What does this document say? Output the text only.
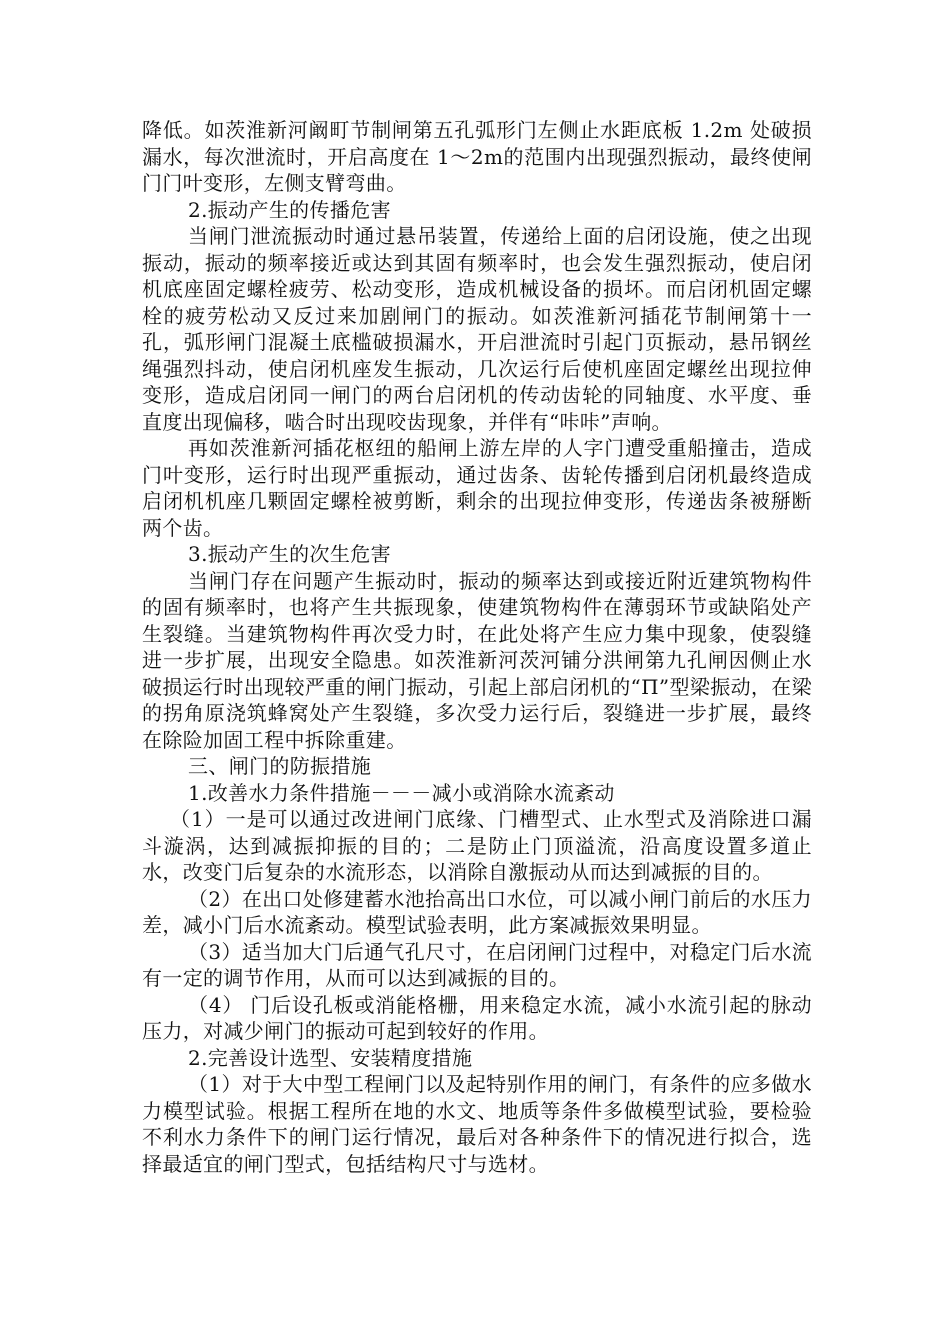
降低。如茨淮新河阚町节制闸第五孔弧形门左侧止水距底板 1.2m 处破损漏水，每次泄流时，开启高度在 1～2m的范围内出现强烈振动，最终使闸门门叶变形，左侧支臂弯曲。

2.振动产生的传播危害

当闸门泄流振动时通过悬吊装置，传递给上面的启闭设施，使之出现振动，振动的频率接近或达到其固有频率时，也会发生强烈振动，使启闭机底座固定螺栓疲劳、松动变形，造成机械设备的损坏。而启闭机固定螺栓的疲劳松动又反过来加剧闸门的振动。如茨淮新河插花节制闸第十一孔，弧形闸门混凝土底槛破损漏水，开启泄流时引起门页振动，悬吊钢丝绳强烈抖动，使启闭机座发生振动，几次运行后使机座固定螺丝出现拉伸变形，造成启闭同一闸门的两台启闭机的传动齿轮的同轴度、水平度、垂直度出现偏移，啮合时出现咬齿现象，并伴有“咔咔”声响。

再如茨淮新河插花枢纽的船闸上游左岸的人字门遭受重船撞击，造成门叶变形，运行时出现严重振动，通过齿条、齿轮传播到启闭机最终造成启闭机机座几颗固定螺栓被剪断，剩余的出现拉伸变形，传递齿条被掰断两个齿。

3.振动产生的次生危害

当闸门存在问题产生振动时，振动的频率达到或接近附近建筑物构件的固有频率时，也将产生共振现象，使建筑物构件在薄弱环节或缺陷处产生裂缝。当建筑物构件再次受力时，在此处将产生应力集中现象，使裂缝进一步扩展，出现安全隐患。如茨淮新河茨河铺分洪闸第九孔闸因侧止水破损运行时出现较严重的闸门振动，引起上部启闭机的“Π”型梁振动，在梁的拐角原浇筑蜂窝处产生裂缝，多次受力运行后，裂缝进一步扩展，最终在除险加固工程中拆除重建。

三、闸门的防振措施

1.改善水力条件措施－－－减小或消除水流紊动

（1）一是可以通过改进闸门底缘、门槽型式、止水型式及消除进口漏斗漩涡，达到减振抑振的目的；二是防止门顶溢流，沿高度设置多道止水，改变门后复杂的水流形态，以消除自激振动从而达到减振的目的。

（2）在出口处修建蓄水池抬高出口水位，可以减小闸门前后的水压力差，减小门后水流紊动。模型试验表明，此方案减振效果明显。

（3）适当加大门后通气孔尺寸，在启闭闸门过程中，对稳定门后水流有一定的调节作用，从而可以达到减振的目的。

（4） 门后设孔板或消能格栅，用来稳定水流，减小水流引起的脉动压力，对减少闸门的振动可起到较好的作用。

2.完善设计选型、安装精度措施

（1）对于大中型工程闸门以及起特别作用的闸门，有条件的应多做水力模型试验。根据工程所在地的水文、地质等条件多做模型试验，要检验不利水力条件下的闸门运行情况，最后对各种条件下的情况进行拟合，选择最适宜的闸门型式，包括结构尺寸与选材。
